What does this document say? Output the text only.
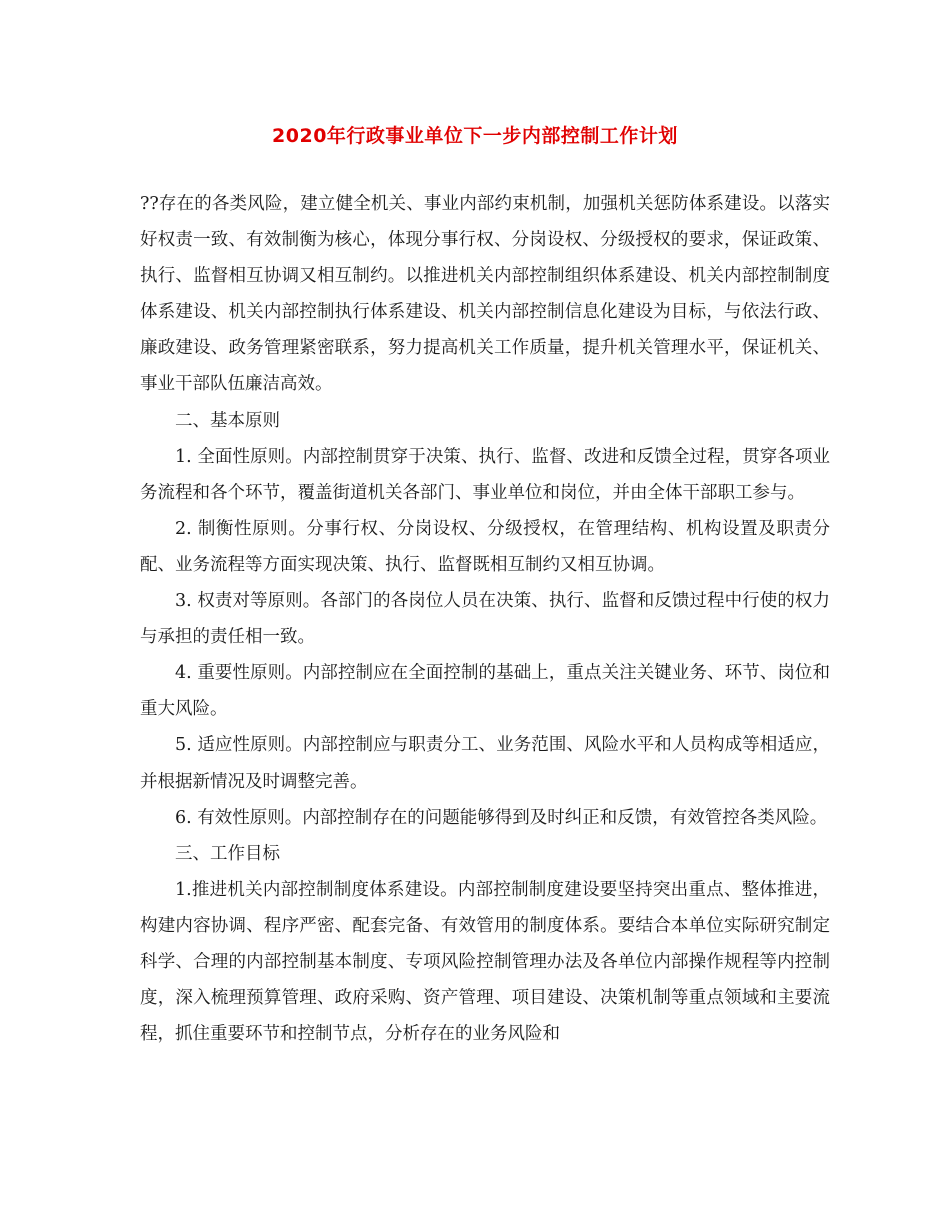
2020年行政事业单位下一步内部控制工作计划

??存在的各类风险，建立健全机关、事业内部约束机制，加强机关惩防体系建设。以落实好权责一致、有效制衡为核心，体现分事行权、分岗设权、分级授权的要求，保证政策、执行、监督相互协调又相互制约。以推进机关内部控制组织体系建设、机关内部控制制度体系建设、机关内部控制执行体系建设、机关内部控制信息化建设为目标，与依法行政、廉政建设、政务管理紧密联系，努力提高机关工作质量，提升机关管理水平，保证机关、事业干部队伍廉洁高效。

二、基本原则

1. 全面性原则。内部控制贯穿于决策、执行、监督、改进和反馈全过程，贯穿各项业务流程和各个环节，覆盖街道机关各部门、事业单位和岗位，并由全体干部职工参与。

2. 制衡性原则。分事行权、分岗设权、分级授权，在管理结构、机构设置及职责分配、业务流程等方面实现决策、执行、监督既相互制约又相互协调。

3. 权责对等原则。各部门的各岗位人员在决策、执行、监督和反馈过程中行使的权力与承担的责任相一致。

4. 重要性原则。内部控制应在全面控制的基础上，重点关注关键业务、环节、岗位和重大风险。

5. 适应性原则。内部控制应与职责分工、业务范围、风险水平和人员构成等相适应，并根据新情况及时调整完善。

6. 有效性原则。内部控制存在的问题能够得到及时纠正和反馈，有效管控各类风险。

三、工作目标

1.推进机关内部控制制度体系建设。内部控制制度建设要坚持突出重点、整体推进，构建内容协调、程序严密、配套完备、有效管用的制度体系。要结合本单位实际研究制定科学、合理的内部控制基本制度、专项风险控制管理办法及各单位内部操作规程等内控制度，深入梳理预算管理、政府采购、资产管理、项目建设、决策机制等重点领域和主要流程，抓住重要环节和控制节点，分析存在的业务风险和
